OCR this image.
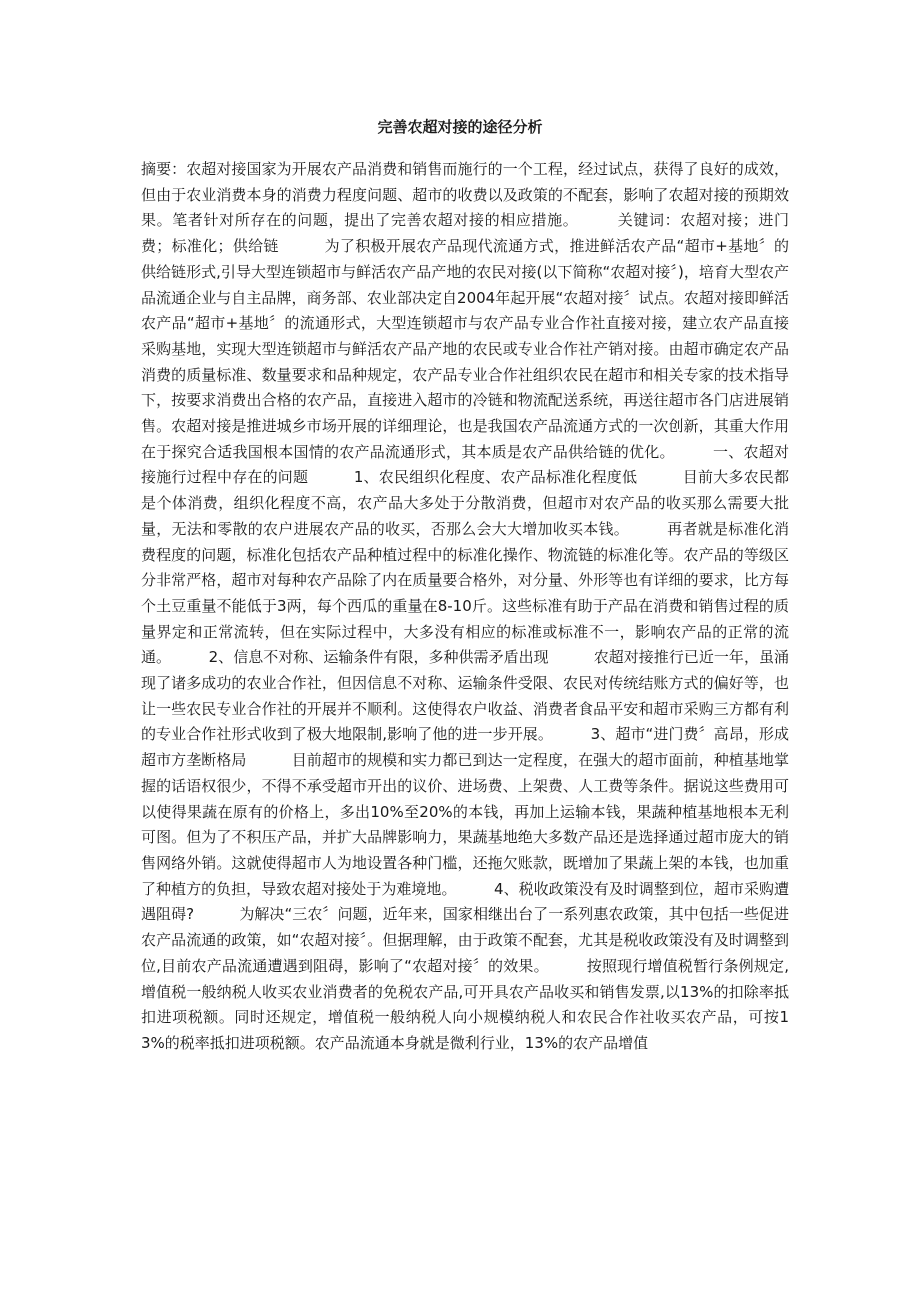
完善农超对接的途径分析

摘要：农超对接国家为开展农产品消费和销售而施行的一个工程，经过试点，获得了良好的成效，但由于农业消费本身的消费力程度问题、超市的收费以及政策的不配套，影响了农超对接的预期效果。笔者针对所存在的问题，提出了完善农超对接的相应措施。　　　关键词：农超对接；进门费；标准化；供给链　　　为了积极开展农产品现代流通方式，推进鲜活农产品“超市+基地〞的供给链形式,引导大型连锁超市与鲜活农产品产地的农民对接(以下简称“农超对接〞)，培育大型农产品流通企业与自主品牌，商务部、农业部决定自2004年起开展“农超对接〞试点。农超对接即鲜活农产品“超市+基地〞的流通形式，大型连锁超市与农产品专业合作社直接对接，建立农产品直接采购基地，实现大型连锁超市与鲜活农产品产地的农民或专业合作社产销对接。由超市确定农产品消费的质量标准、数量要求和品种规定，农产品专业合作社组织农民在超市和相关专家的技术指导下，按要求消费出合格的农产品，直接进入超市的冷链和物流配送系统，再送往超市各门店进展销售。农超对接是推进城乡市场开展的详细理论，也是我国农产品流通方式的一次创新，其重大作用在于探究合适我国根本国情的农产品流通形式，其本质是农产品供给链的优化。　　　一、农超对接施行过程中存在的问题　　　1、农民组织化程度、农产品标准化程度低　　　目前大多农民都是个体消费，组织化程度不高，农产品大多处于分散消费，但超市对农产品的收买那么需要大批量，无法和零散的农户进展农产品的收买，否那么会大大增加收买本钱。　　　再者就是标准化消费程度的问题，标准化包括农产品种植过程中的标准化操作、物流链的标准化等。农产品的等级区分非常严格，超市对每种农产品除了内在质量要合格外，对分量、外形等也有详细的要求，比方每个土豆重量不能低于3两，每个西瓜的重量在8-10斤。这些标准有助于产品在消费和销售过程的质量界定和正常流转，但在实际过程中，大多没有相应的标准或标准不一，影响农产品的正常的流通。　　　2、信息不对称、运输条件有限，多种供需矛盾出现　　　农超对接推行已近一年，虽涌现了诸多成功的农业合作社，但因信息不对称、运输条件受限、农民对传统结账方式的偏好等，也让一些农民专业合作社的开展并不顺利。这使得农户收益、消费者食品平安和超市采购三方都有利的专业合作社形式收到了极大地限制,影响了他的进一步开展。　　　3、超市“进门费〞高昂，形成超市方垄断格局　　　目前超市的规模和实力都已到达一定程度，在强大的超市面前，种植基地掌握的话语权很少，不得不承受超市开出的议价、进场费、上架费、人工费等条件。据说这些费用可以使得果蔬在原有的价格上，多出10%至20%的本钱，再加上运输本钱，果蔬种植基地根本无利可图。但为了不积压产品，并扩大品牌影响力，果蔬基地绝大多数产品还是选择通过超市庞大的销售网络外销。这就使得超市人为地设置各种门槛，还拖欠账款，既增加了果蔬上架的本钱，也加重了种植方的负担，导致农超对接处于为难境地。　　　4、税收政策没有及时调整到位，超市采购遭遇阻碍?　　　为解决“三农〞问题，近年来，国家相继出台了一系列惠农政策，其中包括一些促进农产品流通的政策，如“农超对接〞。但据理解，由于政策不配套，尤其是税收政策没有及时调整到位,目前农产品流通遭遇到阻碍，影响了“农超对接〞的效果。　　　按照现行增值税暂行条例规定,增值税一般纳税人收买农业消费者的免税农产品,可开具农产品收买和销售发票,以13%的扣除率抵扣进项税额。同时还规定，增值税一般纳税人向小规模纳税人和农民合作社收买农产品，可按13%的税率抵扣进项税额。农产品流通本身就是微利行业，13%的农产品增值
